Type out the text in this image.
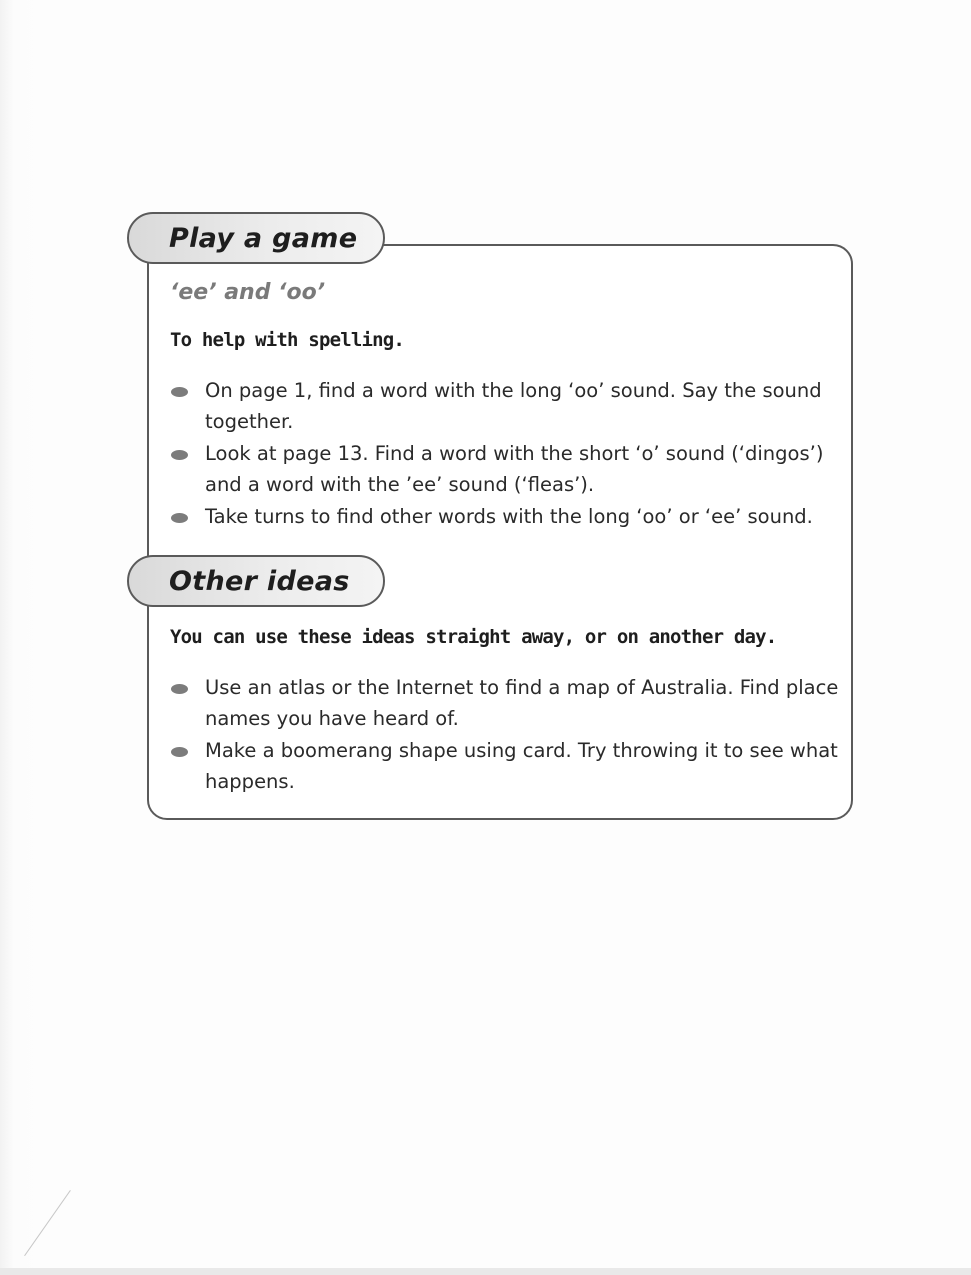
Play a game
‘ee’ and ‘oo’
To help with spelling.
On page 1, find a word with the long ‘oo’ sound. Say the sound together.
Look at page 13. Find a word with the short ‘o’ sound (‘dingos’) and a word with the ’ee’ sound (‘fleas’).
Take turns to find other words with the long ‘oo’ or ‘ee’ sound.
Other ideas
You can use these ideas straight away, or on another day.
Use an atlas or the Internet to find a map of Australia. Find place names you have heard of.
Make a boomerang shape using card. Try throwing it to see what happens.
